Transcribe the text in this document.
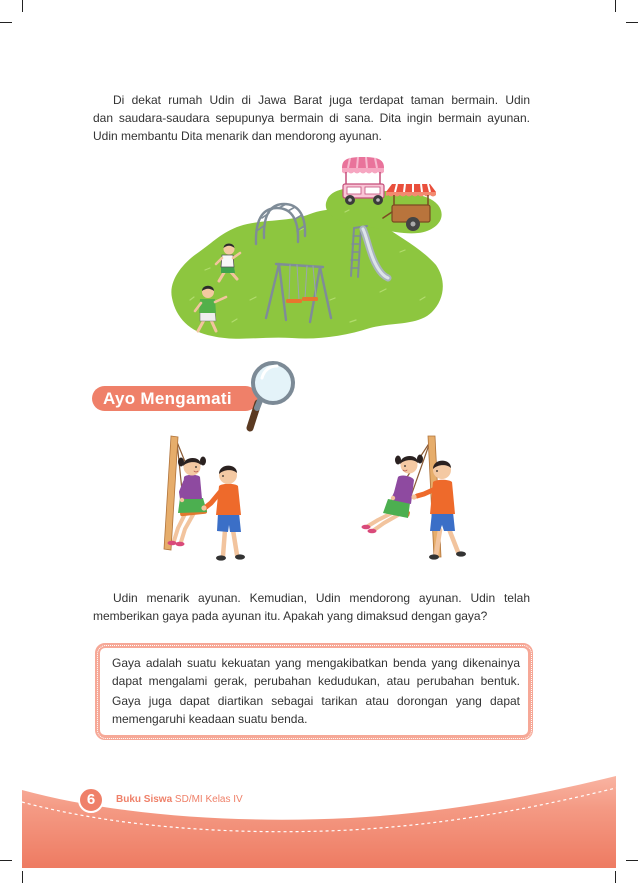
Di dekat rumah Udin di Jawa Barat juga terdapat taman bermain. Udin
dan saudara-saudara sepupunya bermain di sana. Dita ingin bermain ayunan.
Udin membantu Dita menarik dan mendorong ayunan.
Ayo Mengamati
Udin menarik ayunan. Kemudian, Udin mendorong ayunan. Udin telah
memberikan gaya pada ayunan itu. Apakah yang dimaksud dengan gaya?
Gaya adalah suatu kekuatan yang mengakibatkan benda yang dikenainya
dapat mengalami gerak, perubahan kedudukan, atau perubahan bentuk.
Gaya juga dapat diartikan sebagai tarikan atau dorongan yang dapat
memengaruhi keadaan suatu benda.
6	Buku Siswa SD/MI Kelas IV
